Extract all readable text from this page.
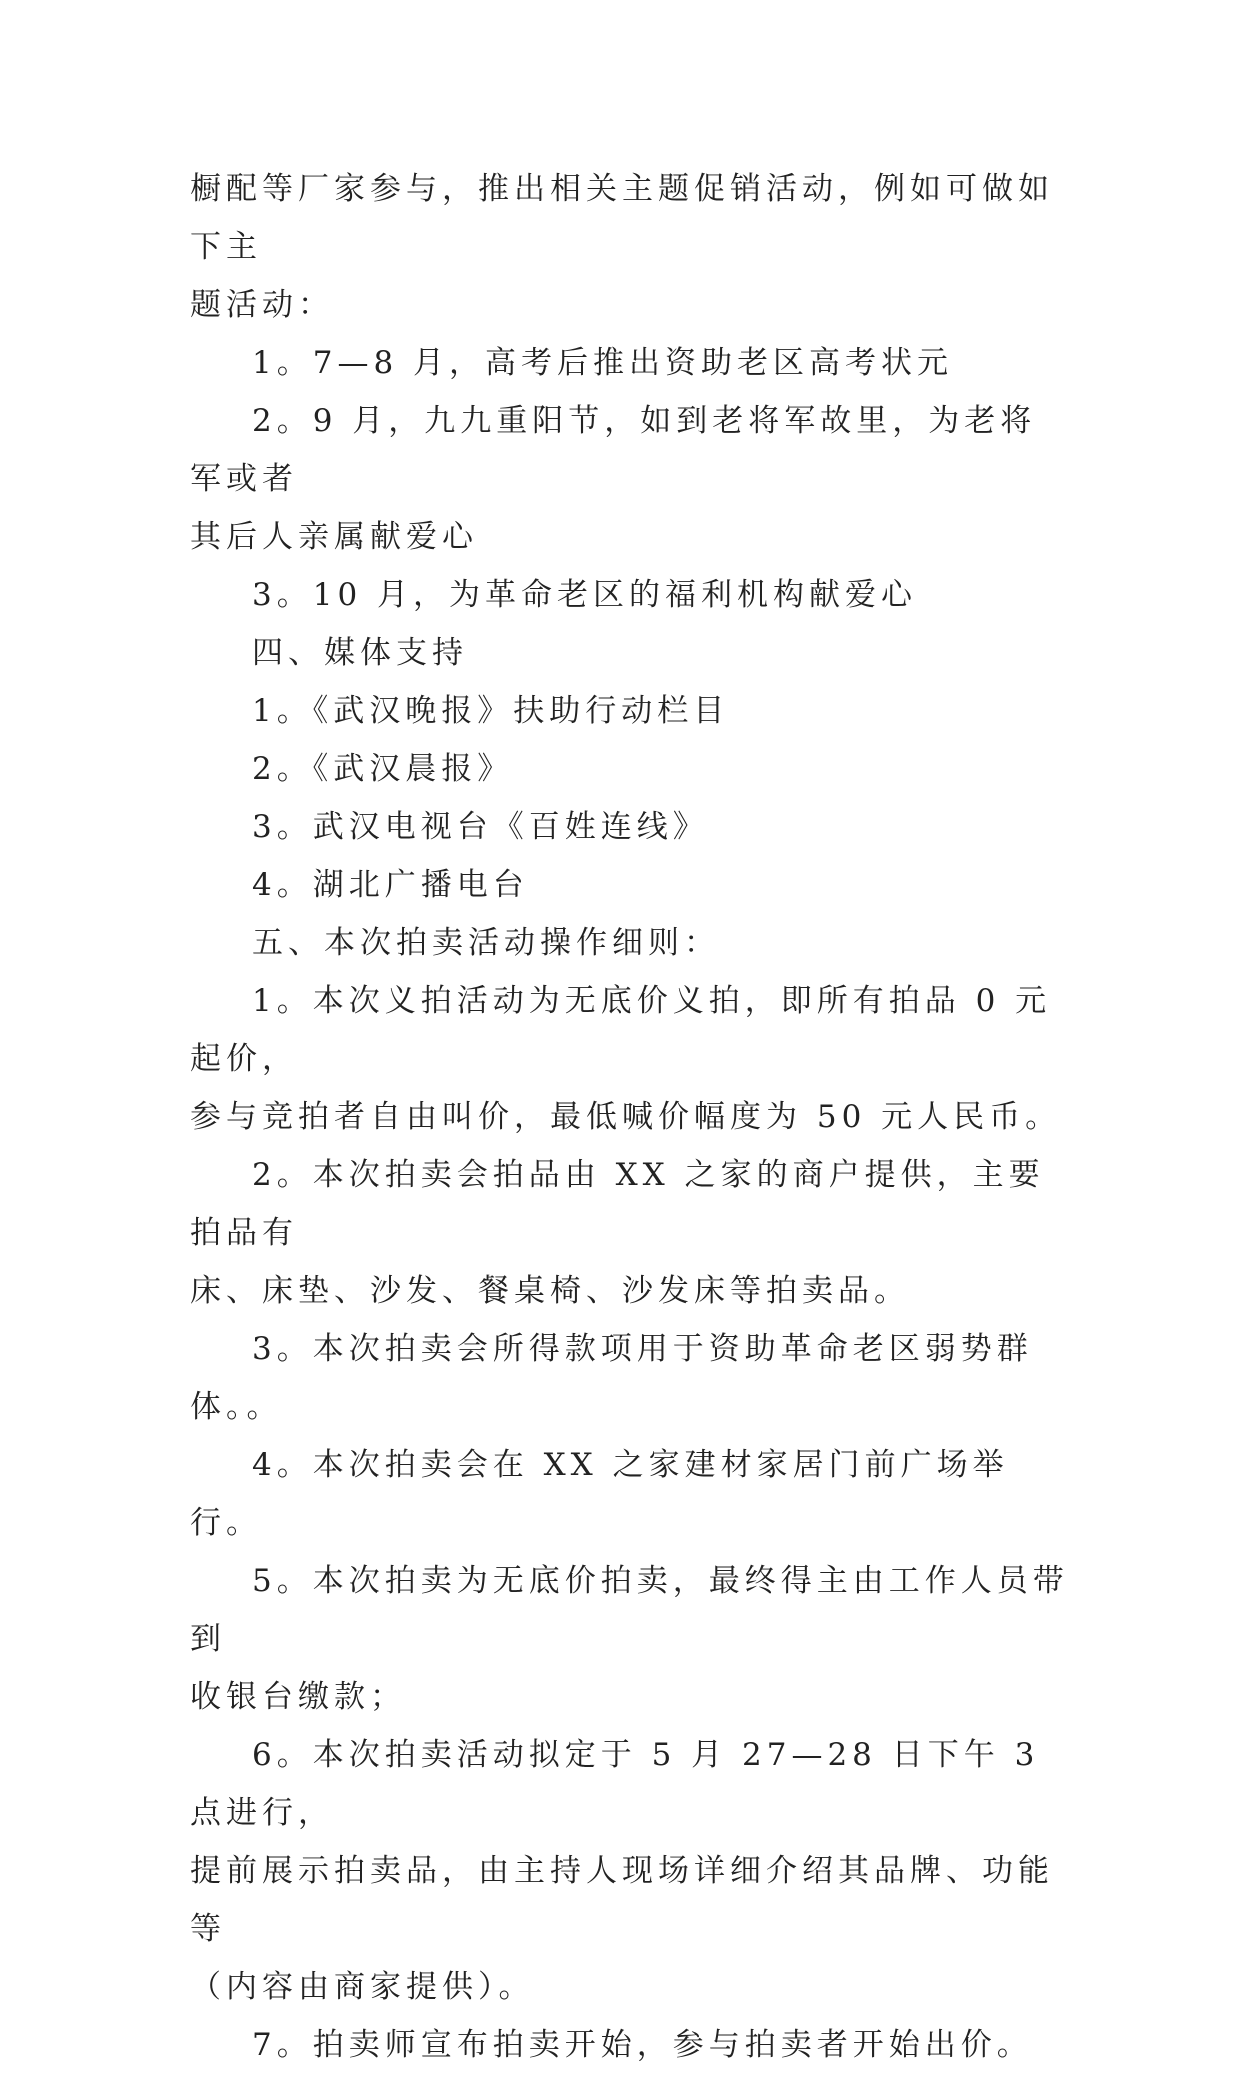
橱配等厂家参与，推出相关主题促销活动，例如可做如下主

题活动：

1。7—8 月，高考后推出资助老区高考状元

2。9 月，九九重阳节，如到老将军故里，为老将军或者

其后人亲属献爱心

3。10 月，为革命老区的福利机构献爱心

四、媒体支持

1。《武汉晚报》扶助行动栏目

2。《武汉晨报》

3。武汉电视台《百姓连线》

4。湖北广播电台

五、本次拍卖活动操作细则：

1。本次义拍活动为无底价义拍，即所有拍品 0 元起价，

参与竞拍者自由叫价，最低喊价幅度为 50 元人民币。

2。本次拍卖会拍品由 XX 之家的商户提供，主要拍品有

床、床垫、沙发、餐桌椅、沙发床等拍卖品。

3。本次拍卖会所得款项用于资助革命老区弱势群体。。

4。本次拍卖会在 XX 之家建材家居门前广场举行。

5。本次拍卖为无底价拍卖，最终得主由工作人员带到

收银台缴款；

6。本次拍卖活动拟定于 5 月 27—28 日下午 3 点进行，

提前展示拍卖品，由主持人现场详细介绍其品牌、功能等

（内容由商家提供）。

7。拍卖师宣布拍卖开始，参与拍卖者开始出价。
